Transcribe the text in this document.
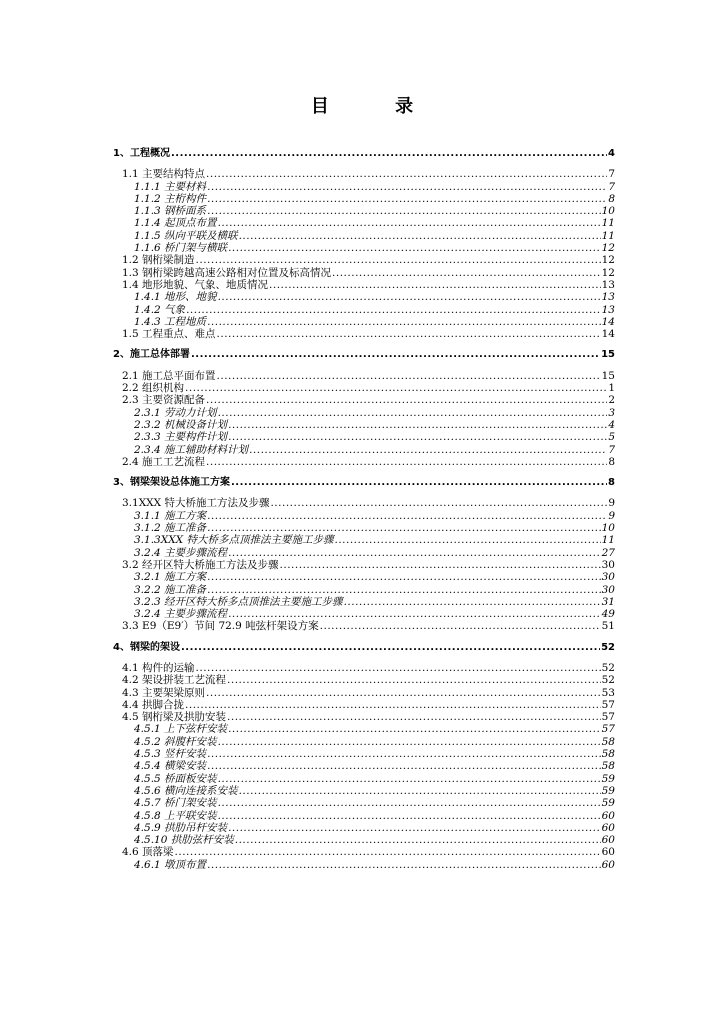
目 录
1、工程概况 .....	4
1.1 主要结构特点 .....	7
1.1.1 主要材料 .....	7
1.1.2 主桁构件 .....	8
1.1.3 钢桥面系 .....	10
1.1.4 起顶点布置 .....	11
1.1.5 纵向平联及横联 .....	11
1.1.6 桥门架与横联 .....	12
1.2 钢桁梁制造 .....	12
1.3 钢桁梁跨越高速公路相对位置及标高情况 .....	12
1.4 地形地貌、气象、地质情况 .....	13
1.4.1 地形、地貌 .....	13
1.4.2 气象 .....	13
1.4.3 工程地质 .....	14
1.5 工程重点、难点 .....	14
2、施工总体部署 .....	15
2.1 施工总平面布置 .....	15
2.2 组织机构 .....	1
2.3 主要资源配备 .....	2
2.3.1 劳动力计划 .....	3
2.3.2 机械设备计划 .....	4
2.3.3 主要构件计划 .....	5
2.3.4 施工辅助材料计划 .....	7
2.4 施工工艺流程 .....	8
3、钢梁架设总体施工方案 .....	8
3.1XXX 特大桥施工方法及步骤 .....	9
3.1.1 施工方案 .....	9
3.1.2 施工准备 .....	10
3.1.3XXX 特大桥多点顶推法主要施工步骤 .....	11
3.2.4 主要步骤流程 .....	27
3.2 经开区特大桥施工方法及步骤 .....	30
3.2.1 施工方案 .....	30
3.2.2 施工准备 .....	30
3.2.3 经开区特大桥多点顶推法主要施工步骤 .....	31
3.2.4 主要步骤流程 .....	49
3.3 E9（E9′）节间 72.9 吨弦杆架设方案 .....	51
4、钢梁的架设 .....	52
4.1 构件的运输 .....	52
4.2 架设拼装工艺流程 .....	52
4.3 主要架梁原则 .....	53
4.4 拱脚合拢 .....	57
4.5 钢桁梁及拱肋安装 .....	57
4.5.1 上下弦杆安装 .....	57
4.5.2 斜腹杆安装 .....	58
4.5.3 竖杆安装 .....	58
4.5.4 横梁安装 .....	58
4.5.5 桥面板安装 .....	59
4.5.6 横向连接系安装 .....	59
4.5.7 桥门架安装 .....	59
4.5.8 上平联安装 .....	60
4.5.9 拱肋吊杆安装 .....	60
4.5.10 拱肋弦杆安装 .....	60
4.6 顶落梁 .....	60
4.6.1 墩顶布置 .....	60
